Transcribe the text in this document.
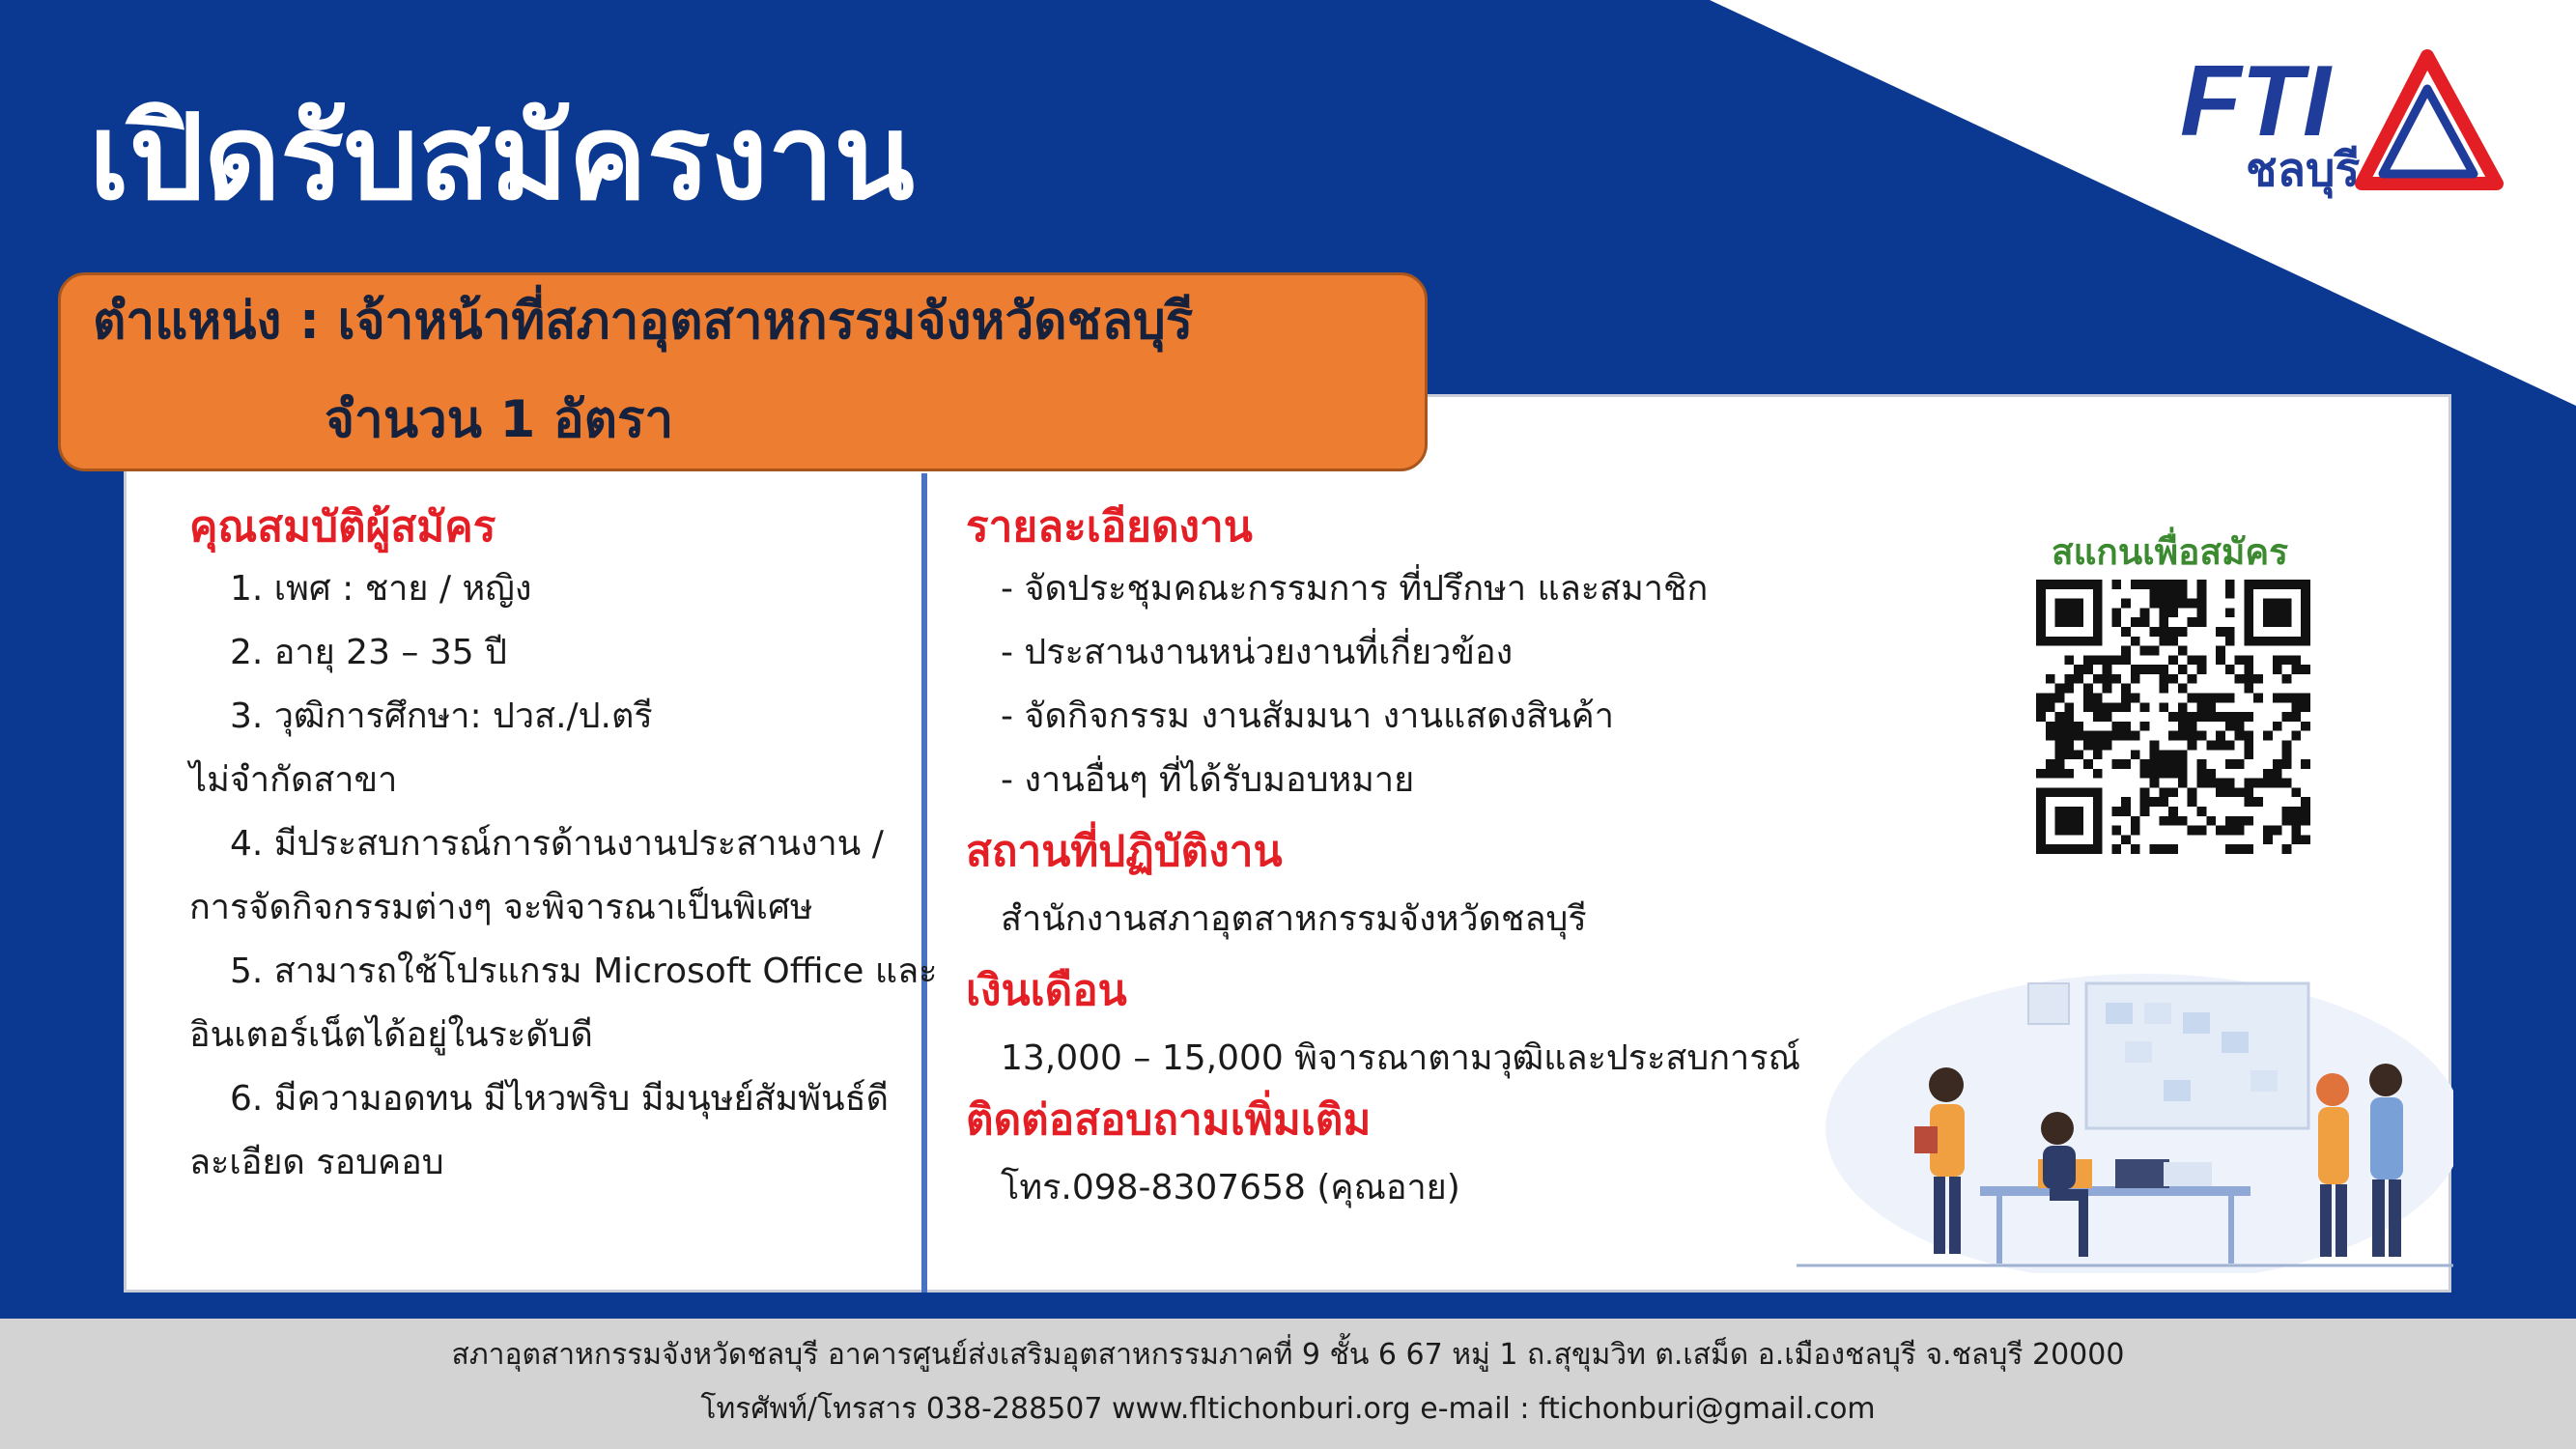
FTI
ชลบุรี
เปิดรับสมัครงาน
ตำแหน่ง : เจ้าหน้าที่สภาอุตสาหกรรมจังหวัดชลบุรี
จำนวน 1 อัตรา
คุณสมบัติผู้สมัคร
1. เพศ : ชาย / หญิง
2. อายุ 23 – 35 ปี
3. วุฒิการศึกษา: ปวส./ป.ตรี
ไม่จำกัดสาขา
4. มีประสบการณ์การด้านงานประสานงาน /
การจัดกิจกรรมต่างๆ จะพิจารณาเป็นพิเศษ
5. สามารถใช้โปรแกรม Microsoft Office และ
อินเตอร์เน็ตได้อยู่ในระดับดี
6. มีความอดทน มีไหวพริบ มีมนุษย์สัมพันธ์ดี
ละเอียด รอบคอบ
รายละเอียดงาน
- จัดประชุมคณะกรรมการ ที่ปรึกษา และสมาชิก
- ประสานงานหน่วยงานที่เกี่ยวข้อง
- จัดกิจกรรม งานสัมมนา งานแสดงสินค้า
- งานอื่นๆ ที่ได้รับมอบหมาย
สถานที่ปฏิบัติงาน
สำนักงานสภาอุตสาหกรรมจังหวัดชลบุรี
เงินเดือน
13,000 – 15,000 พิจารณาตามวุฒิและประสบการณ์
ติดต่อสอบถามเพิ่มเติม
โทร.098-8307658 (คุณอาย)
สแกนเพื่อสมัคร
สภาอุตสาหกรรมจังหวัดชลบุรี อาคารศูนย์ส่งเสริมอุตสาหกรรมภาคที่ 9 ชั้น 6 67 หมู่ 1 ถ.สุขุมวิท ต.เสม็ด อ.เมืองชลบุรี จ.ชลบุรี 20000
โทรศัพท์/โทรสาร 038-288507 www.fltichonburi.org e-mail : ftichonburi@gmail.com
